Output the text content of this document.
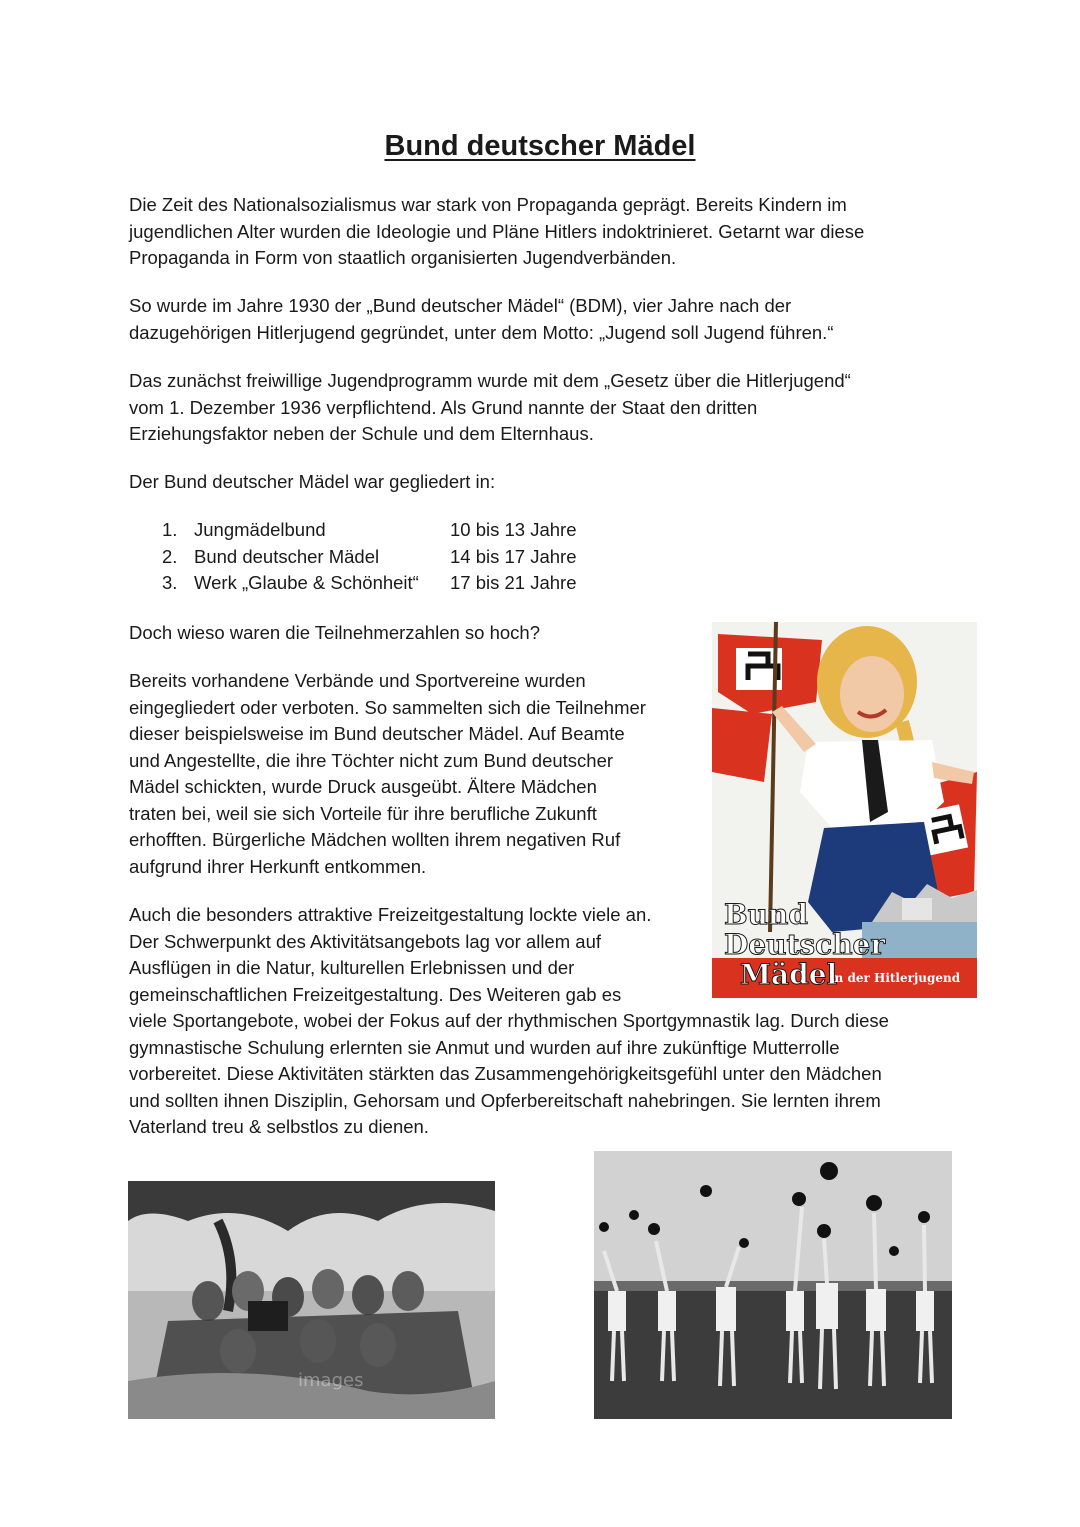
Bund deutscher Mädel

Die Zeit des Nationalsozialismus war stark von Propaganda geprägt. Bereits Kindern im
jugendlichen Alter wurden die Ideologie und Pläne Hitlers indoktrinieret. Getarnt war diese
Propaganda in Form von staatlich organisierten Jugendverbänden.

So wurde im Jahre 1930 der „Bund deutscher Mädel“ (BDM), vier Jahre nach der
dazugehörigen Hitlerjugend gegründet, unter dem Motto: „Jugend soll Jugend führen.“

Das zunächst freiwillige Jugendprogramm wurde mit dem „Gesetz über die Hitlerjugend“
vom 1. Dezember 1936 verpflichtend. Als Grund nannte der Staat den dritten
Erziehungsfaktor neben der Schule und dem Elternhaus.

Der Bund deutscher Mädel war gegliedert in:

1. Jungmädelbund	10 bis 13 Jahre
2. Bund deutscher Mädel	14 bis 17 Jahre
3. Werk „Glaube & Schönheit“	17 bis 21 Jahre

Doch wieso waren die Teilnehmerzahlen so hoch?

Bereits vorhandene Verbände und Sportvereine wurden
eingegliedert oder verboten. So sammelten sich die Teilnehmer
dieser beispielsweise im Bund deutscher Mädel. Auf Beamte
und Angestellte, die ihre Töchter nicht zum Bund deutscher
Mädel schickten, wurde Druck ausgeübt. Ältere Mädchen
traten bei, weil sie sich Vorteile für ihre berufliche Zukunft
erhofften. Bürgerliche Mädchen wollten ihrem negativen Ruf
aufgrund ihrer Herkunft entkommen.

Auch die besonders attraktive Freizeitgestaltung lockte viele an.
Der Schwerpunkt des Aktivitätsangebots lag vor allem auf
Ausflügen in die Natur, kulturellen Erlebnissen und der
gemeinschaftlichen Freizeitgestaltung. Des Weiteren gab es
viele Sportangebote, wobei der Fokus auf der rhythmischen Sportgymnastik lag. Durch diese
gymnastische Schulung erlernten sie Anmut und wurden auf ihre zukünftige Mutterrolle
vorbereitet. Diese Aktivitäten stärkten das Zusammengehörigkeitsgefühl unter den Mädchen
und sollten ihnen Disziplin, Gehorsam und Opferbereitschaft nahebringen. Sie lernten ihrem
Vaterland treu & selbstlos zu dienen.

Bund
Deutscher
Mädel
in der Hitlerjugend
images
